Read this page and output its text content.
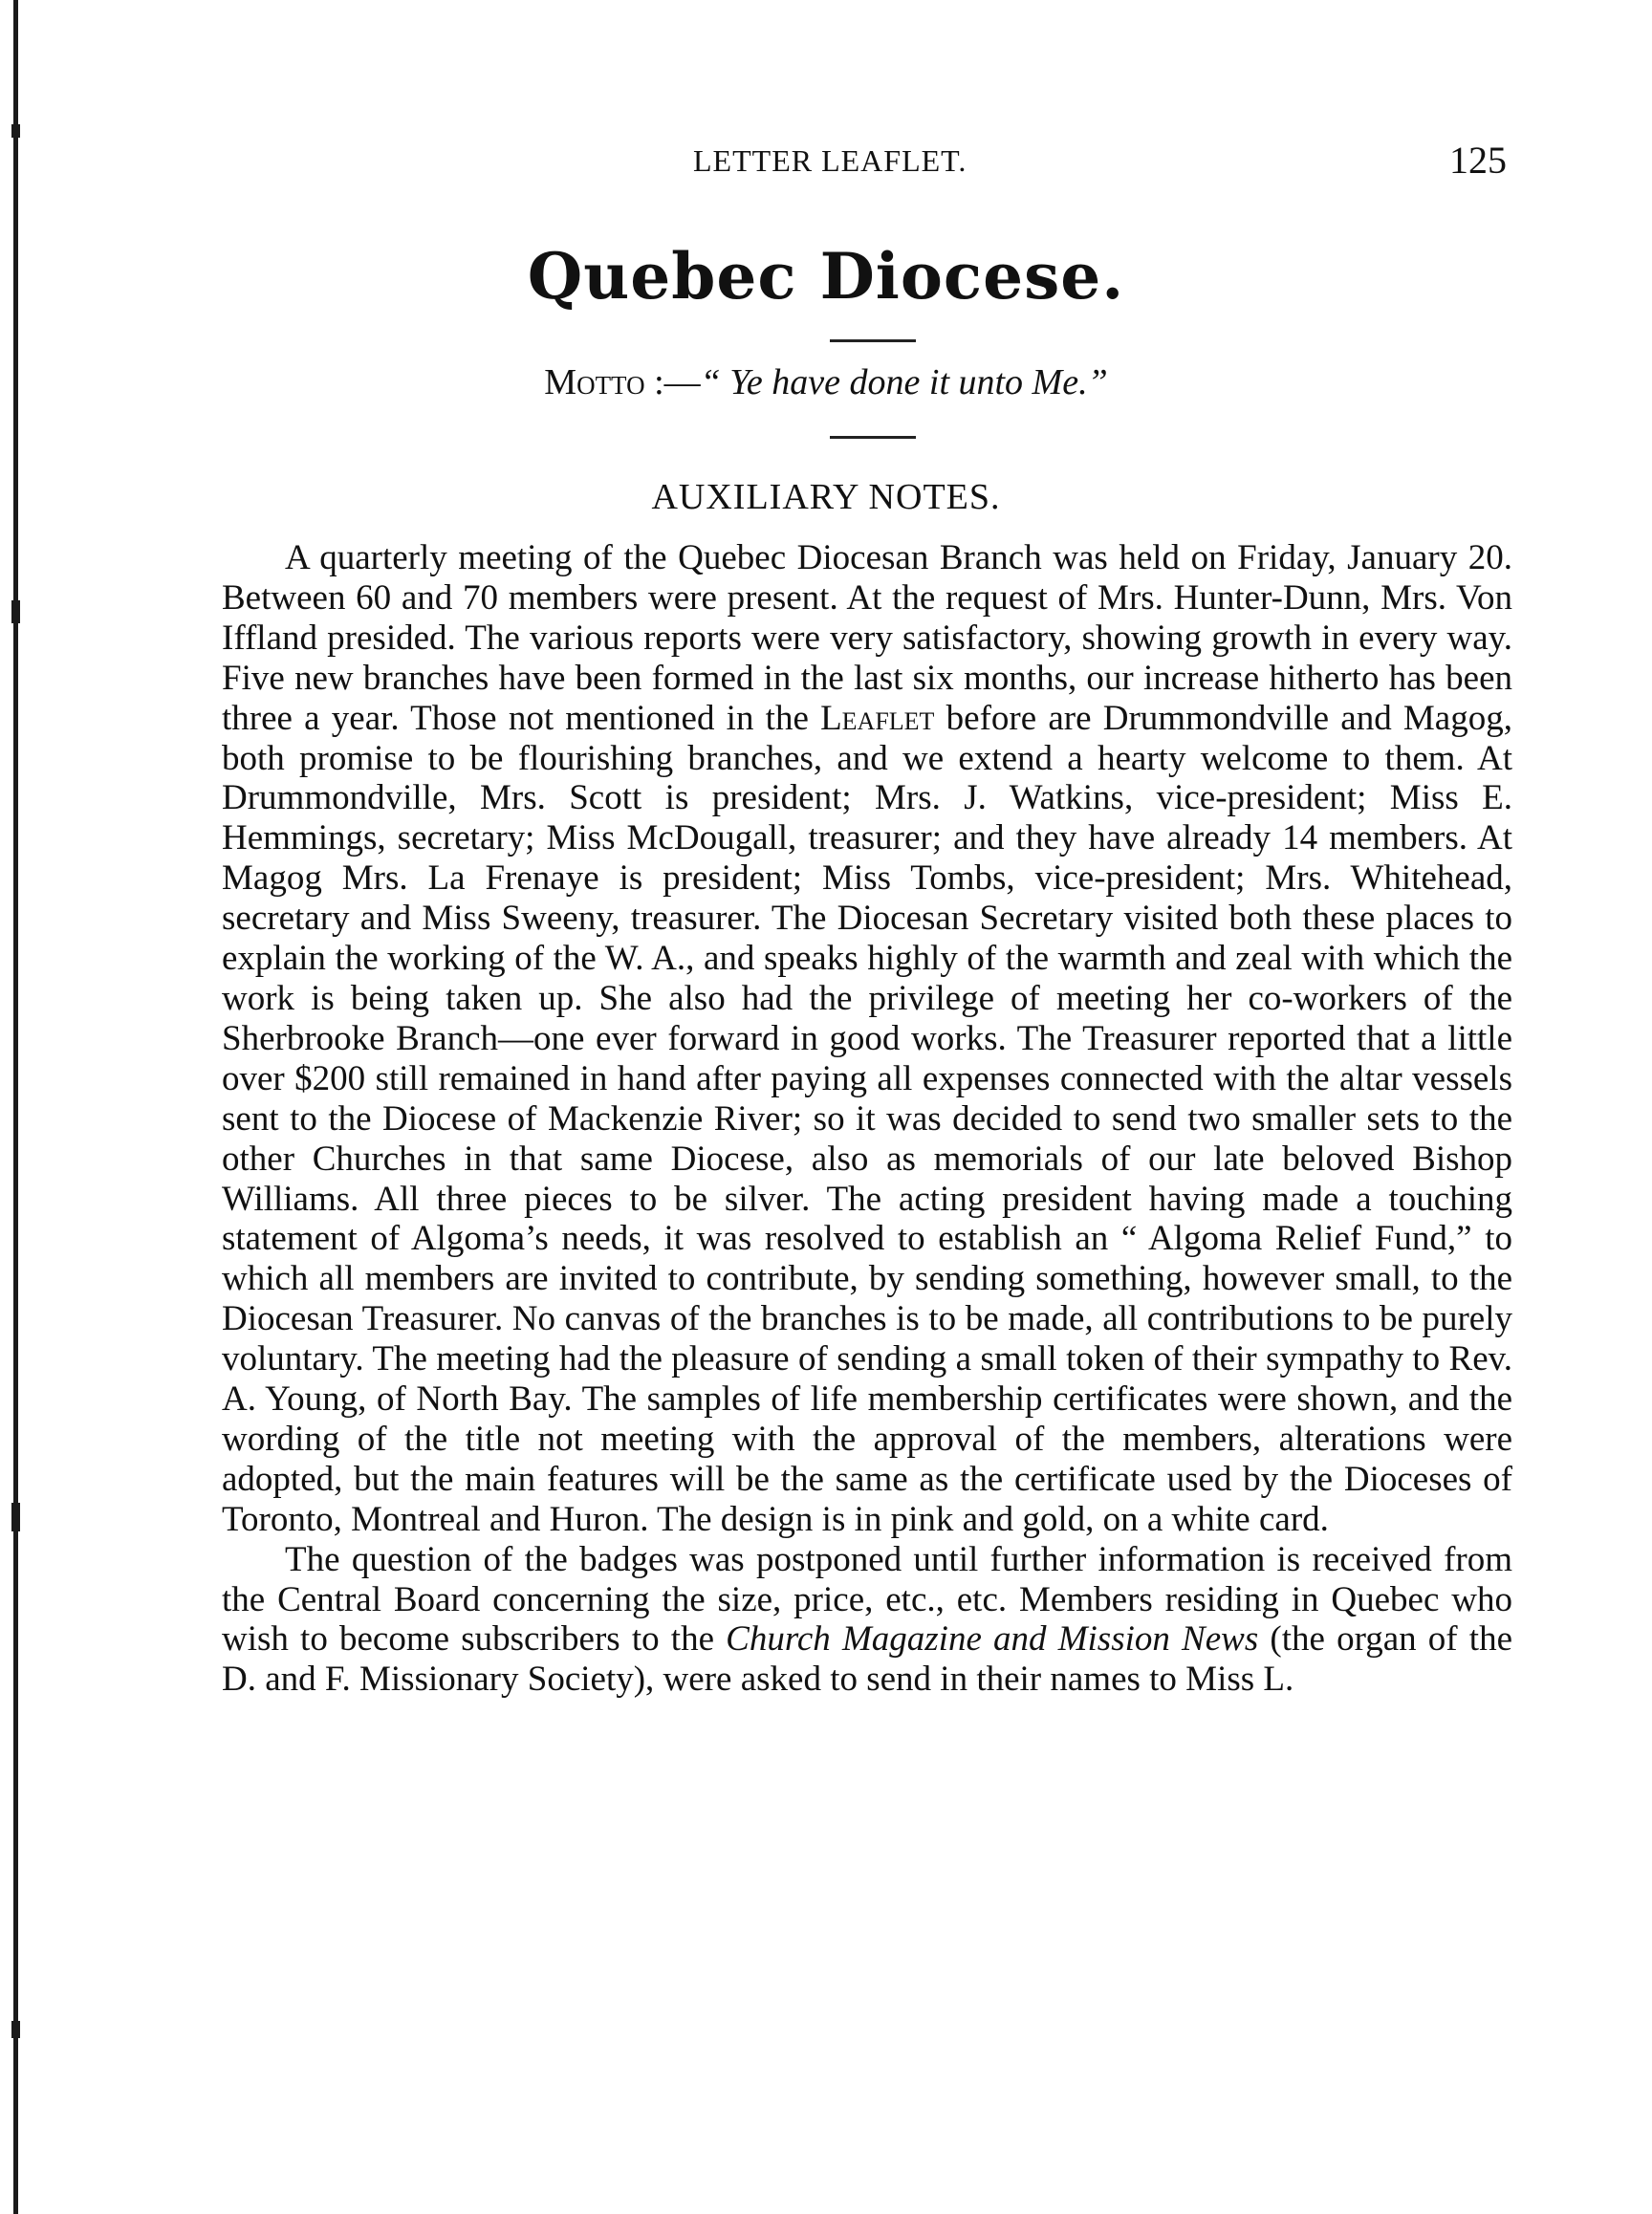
LETTER LEAFLET.	125
Quebec Diocese.
Motto :—“ Ye have done it unto Me.”
AUXILIARY NOTES.

A quarterly meeting of the Quebec Diocesan Branch was held on Friday, January 20. Between 60 and 70 members were present. At the request of Mrs. Hunter-Dunn, Mrs. Von Iffland presided. The various reports were very satisfactory, showing growth in every way. Five new branches have been formed in the last six months, our increase hitherto has been three a year. Those not mentioned in the Leaflet before are Drummondville and Magog, both promise to be flourishing branches, and we extend a hearty welcome to them. At Drummondville, Mrs. Scott is president; Mrs. J. Watkins, vice-president; Miss E. Hemmings, secretary; Miss McDougall, treasurer; and they have already 14 members. At Magog Mrs. La Frenaye is president; Miss Tombs, vice-president; Mrs. Whitehead, secretary and Miss Sweeny, treasurer. The Diocesan Secretary visited both these places to explain the working of the W. A., and speaks highly of the warmth and zeal with which the work is being taken up. She also had the privilege of meeting her co-workers of the Sherbrooke Branch—one ever forward in good works. The Treasurer reported that a little over $200 still remained in hand after paying all expenses connected with the altar vessels sent to the Diocese of Mackenzie River; so it was decided to send two smaller sets to the other Churches in that same Diocese, also as memorials of our late beloved Bishop Williams. All three pieces to be silver. The acting president having made a touching statement of Algoma’s needs, it was resolved to establish an “ Algoma Relief Fund,” to which all members are invited to contribute, by sending something, however small, to the Diocesan Treasurer. No canvas of the branches is to be made, all contributions to be purely voluntary. The meeting had the pleasure of sending a small token of their sympathy to Rev. A. Young, of North Bay. The samples of life membership certificates were shown, and the wording of the title not meeting with the approval of the members, alterations were adopted, but the main features will be the same as the certificate used by the Dioceses of Toronto, Montreal and Huron. The design is in pink and gold, on a white card.

The question of the badges was postponed until further information is received from the Central Board concerning the size, price, etc., etc. Members residing in Quebec who wish to become subscribers to the Church Magazine and Mission News (the organ of the D. and F. Missionary Society), were asked to send in their names to Miss L.
